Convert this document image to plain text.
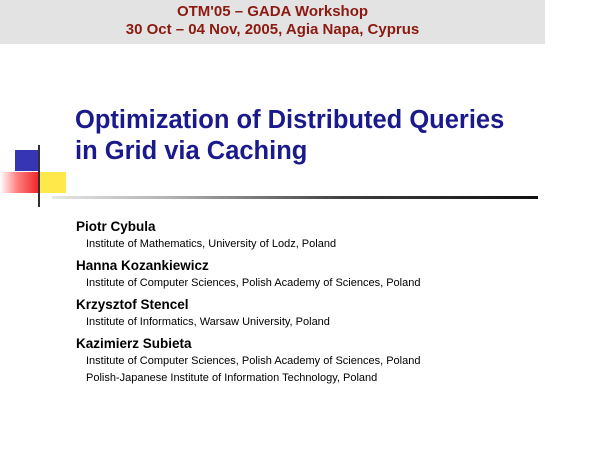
OTM'05 – GADA Workshop
30 Oct – 04 Nov, 2005, Agia Napa, Cyprus
Optimization of Distributed Queries
in Grid via Caching
Piotr Cybula
Institute of Mathematics, University of Lodz, Poland
Hanna Kozankiewicz
Institute of Computer Sciences, Polish Academy of Sciences, Poland
Krzysztof Stencel
Institute of Informatics, Warsaw University, Poland
Kazimierz Subieta
Institute of Computer Sciences, Polish Academy of Sciences, Poland
Polish-Japanese Institute of Information Technology, Poland
